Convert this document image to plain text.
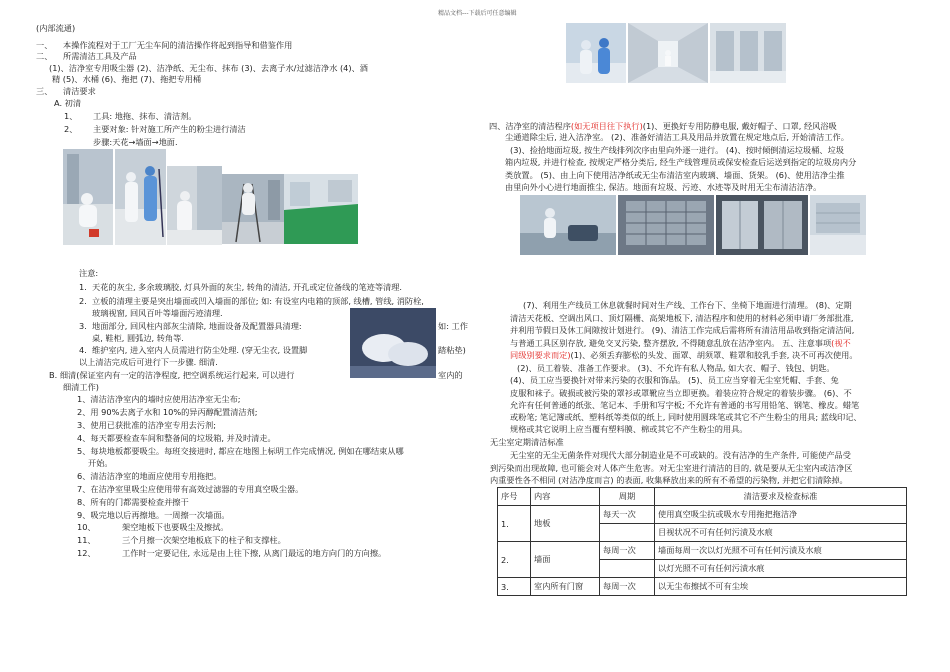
精品文档---下载后可任意编辑
(内部流通)
一、 本操作流程对于工厂无尘车间的清洁操作将起到指导和借鉴作用
二、 所需清洁工具及产品
(1)、洁净室专用吸尘器 (2)、洁净纸、无尘布、抹布 (3)、去离子水/过滤洁净水 (4)、酒
精 (5)、水桶 (6)、拖把 (7)、拖把专用桶
三、 清洁要求
A. 初清
1、 工具: 地拖、抹布、清洁剂。
2、 主要对象: 针对施工所产生的粉尘进行清洁
步骤:天花→墙面→地面.
注意:
1. 天花的灰尘, 多余玻璃胶, 灯具外面的灰尘, 转角的清洁, 开孔或定位备线的笔迹等清理.
2. 立板的清理主要是突出墙面或凹入墙面的部位; 如: 有设室内电箱的顶部, 线槽, 管线, 消防栓,
玻璃视窗, 回风百叶等墙面污迹清理.
3. 地面部分, 回风柱内部灰尘清除, 地面设备及配置器具清理:	如: 工作
桌, 鞋柜, 圆弧边, 转角等.
4. 维护室内, 进入室内人员需进行防尘处理. (穿无尘衣, 设置脚	踏粘垫)
以上清洁完成后可进行下一步骤. 细清.
B. 细清(保证室内有一定的洁净程度, 把空调系统运行起来, 可以进行	室内的
细清工作)
1、清洁洁净室内的墙时应使用洁净室无尘布;
2、用 90%去离子水和 10%的异丙醇配置清洁剂;
3、使用已获批准的洁净室专用去污剂;
4、每天都要检查车间和整备间的垃圾箱, 并及时清走。
5、每块地板都要吸尘。每班交接进时, 都应在地图上标明工作完成情况, 例如在哪结束从哪
开始。
6、清洁洁净室的地面应使用专用拖把。
7、在洁净室里吸尘应使用带有高效过滤器的专用真空吸尘器。
8、所有的门都需要检查并擦干
9、吸完地以后再擦地。一周擦一次墙面。
10、	架空地板下也要吸尘及擦拭。
11、	三个月擦一次架空地板底下的柱子和支撑柱。
12、	工作时一定要记住, 永远是由上往下擦, 从离门最远的地方向门的方向擦。
四、洁净室的清洁程序(如无项目往下执行)(1)、更换好专用防静电服, 戴好帽子、口罩, 经风浴吸
尘通道除尘后, 进入洁净室。 (2)、准备好清洁工具及用品并放置在规定地点后, 开始清洁工作。
(3)、捡拾地面垃圾, 按生产线排列次序由里向外逐一进行。 (4)、按时倾倒清运垃圾桶、垃圾
箱内垃圾, 并进行检查, 按规定严格分类后, 经生产线管理员或保安检查后运送到指定的垃圾房内分
类放置。 (5)、由上向下使用洁净纸或无尘布清洁室内玻璃、墙面、货架。 (6)、使用洁净尘推
由里向外小心进行地面推尘, 保洁。地面有垃圾、污迹、水迹等及时用无尘布清洁洁净。
(7)、利用生产线员工休息就餐时间对生产线、工作台下、坐椅下地面进行清理。 (8)、定期
清洁天花板、空调出风口、顶灯隔栅、高架地板下, 清洁程序和使用的材料必须申请厂务部批准,
并利用节假日及休工间隙按计划进行。 (9)、清洁工作完成后需将所有清洁用品收到指定清洁间,
与普通工具区别存放, 避免交叉污染, 整齐摆放, 不得随意乱放在洁净室内。 五、注意事项(视不
同级别要求而定)(1)、必须丢弃膨松的头发、面罩、胡须罩、鞋罩和胶乳手套, 决不可再次使用。
(2)、员工着装、准备工作要求。 (3)、不允许有私人物品, 如大衣、帽子、钱包、钥匙。
(4)、员工应当要换针对带来污染的衣服和饰品。 (5)、员工应当穿着无尘室凭帽、手套、兔
皮服和袜子。破损或被污染的罩衫或罩靴应当立即更换。着装应符合规定的着装步骤。 (6)、不
允许有任何普通的纸张、笔记本、手册和写字板; 不允许有普通的书写用铅笔、钢笔、橡皮。蜡笔
或粉笔; 笔记簿或纸、塑料纸等类似的纸上, 同时使用圆珠笔或其它不产生粉尘的用具; 蓝线印记、
规格或其它说明上应当覆有塑料膜、棉或其它不产生粉尘的用具。
无尘室定期清洁标准
无尘室的无尘无菌条件对现代大部分制造业是不可或缺的。没有洁净的生产条件, 可能使产品受
到污染而出现故障, 也可能会对人体产生危害。对无尘室进行清洁的目的, 就是要从无尘室内或洁净区
内重要性各不相同 (对洁净度而言) 的表面, 收集释放出来的所有不希望的污染物, 并把它们清除掉。
序号	内容	周期	清洁要求及检查标准
1.	地板	每天一次	使用真空吸尘抗或吸水专用拖把拖洁净
			目视状况不可有任何污渍及水痕
2.	墙面	每周一次	墙面每周一次以灯光照不可有任何污渍及水痕
			以灯光照不可有任何污渍水痕
3.	室内所有门窗	每周一次	以无尘布擦拭不可有尘埃
